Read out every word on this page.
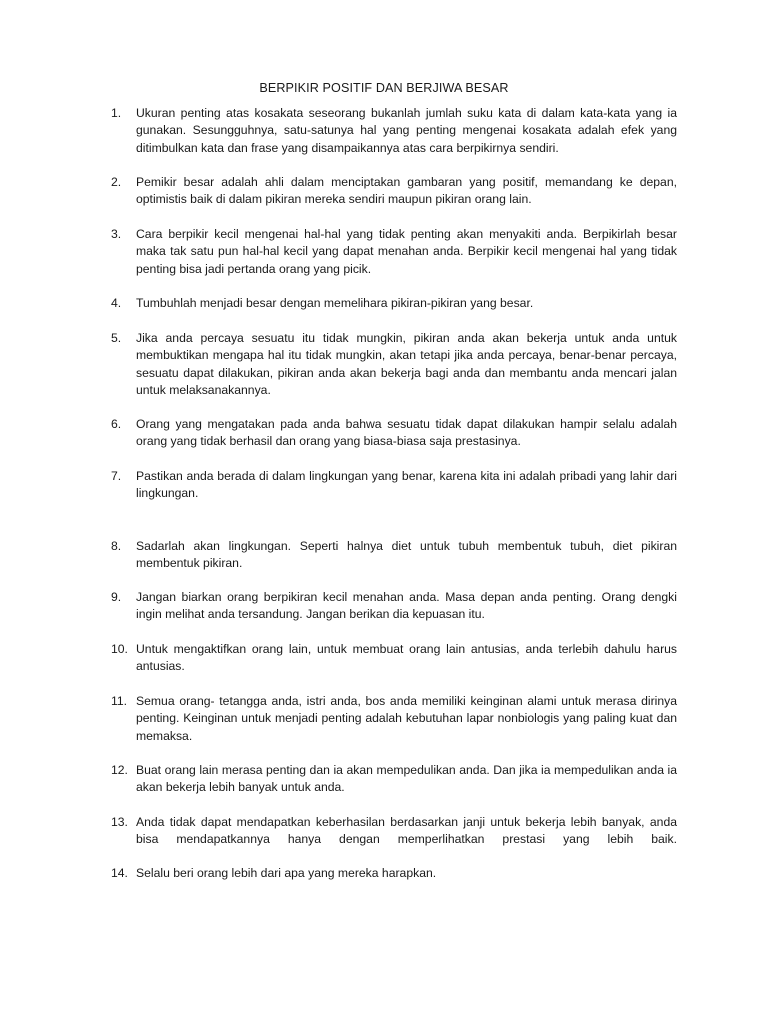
BERPIKIR POSITIF DAN BERJIWA BESAR
1.	Ukuran penting atas kosakata seseorang bukanlah jumlah suku kata di dalam kata-kata yang ia gunakan. Sesungguhnya, satu-satunya hal yang penting mengenai kosakata adalah efek yang ditimbulkan kata dan frase yang disampaikannya atas cara berpikirnya sendiri.
2.	Pemikir besar adalah ahli dalam menciptakan gambaran yang positif, memandang ke depan, optimistis baik di dalam pikiran mereka sendiri maupun pikiran orang lain.
3.	Cara berpikir kecil mengenai hal-hal yang tidak penting akan menyakiti anda. Berpikirlah besar maka tak satu pun hal-hal kecil yang dapat menahan anda. Berpikir kecil mengenai hal yang tidak penting bisa jadi pertanda orang yang picik.
4.	Tumbuhlah menjadi besar dengan memelihara pikiran-pikiran yang besar.
5.	Jika anda percaya sesuatu itu tidak mungkin, pikiran anda akan bekerja untuk anda untuk membuktikan mengapa hal itu tidak mungkin, akan tetapi jika anda percaya, benar-benar percaya, sesuatu dapat dilakukan, pikiran anda akan bekerja bagi anda dan membantu anda mencari jalan untuk melaksanakannya.
6.	Orang yang mengatakan pada anda bahwa sesuatu tidak dapat dilakukan hampir selalu adalah orang yang tidak berhasil dan orang yang biasa-biasa saja prestasinya.
7.	Pastikan anda berada di dalam lingkungan yang benar, karena kita ini adalah pribadi yang lahir dari lingkungan.
8.	Sadarlah akan lingkungan. Seperti halnya diet untuk tubuh membentuk tubuh, diet pikiran membentuk pikiran.
9.	Jangan biarkan orang berpikiran kecil menahan anda. Masa depan anda penting. Orang dengki ingin melihat anda tersandung. Jangan berikan dia kepuasan itu.
10. Untuk mengaktifkan orang lain, untuk membuat orang lain antusias, anda terlebih dahulu harus antusias.
11. Semua orang- tetangga anda, istri anda, bos anda memiliki keinginan alami untuk merasa dirinya penting. Keinginan untuk menjadi penting adalah kebutuhan lapar nonbiologis yang paling kuat dan memaksa.
12. Buat orang lain merasa penting dan ia akan mempedulikan anda. Dan jika ia mempedulikan anda ia akan bekerja lebih banyak untuk anda.
13. Anda tidak dapat mendapatkan keberhasilan berdasarkan janji untuk bekerja lebih banyak, anda bisa mendapatkannya hanya dengan memperlihatkan prestasi yang lebih baik.
14. Selalu beri orang lebih dari apa yang mereka harapkan.
